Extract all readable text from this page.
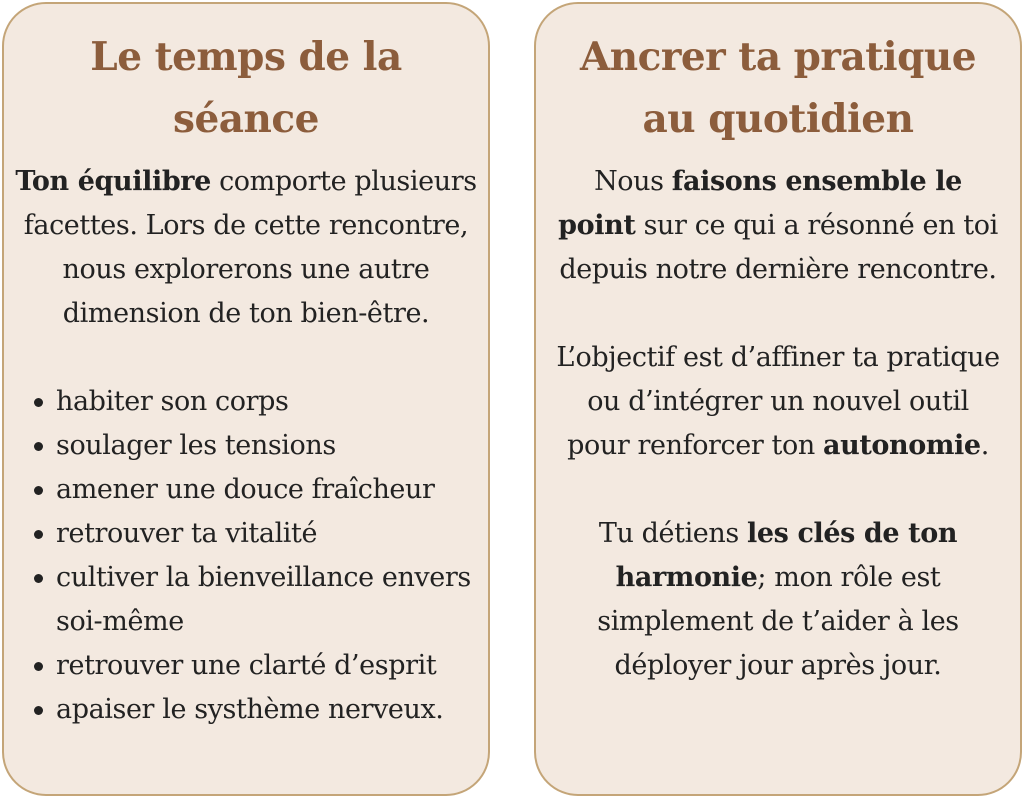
Le temps de la
séance

Ton équilibre comporte plusieurs facettes. Lors de cette rencontre, nous explorerons une autre dimension de ton bien-être.

habiter son corps
soulager les tensions
amener une douce fraîcheur
retrouver ta vitalité
cultiver la bienveillance envers soi-même
retrouver une clarté d’esprit
apaiser le systhème nerveux.
Ancrer ta pratique
au quotidien

Nous faisons ensemble le point sur ce qui a résonné en toi depuis notre dernière rencontre.

L’objectif est d’affiner ta pratique ou d’intégrer un nouvel outil pour renforcer ton autonomie.

Tu détiens les clés de ton harmonie; mon rôle est simplement de t’aider à les déployer jour après jour.
